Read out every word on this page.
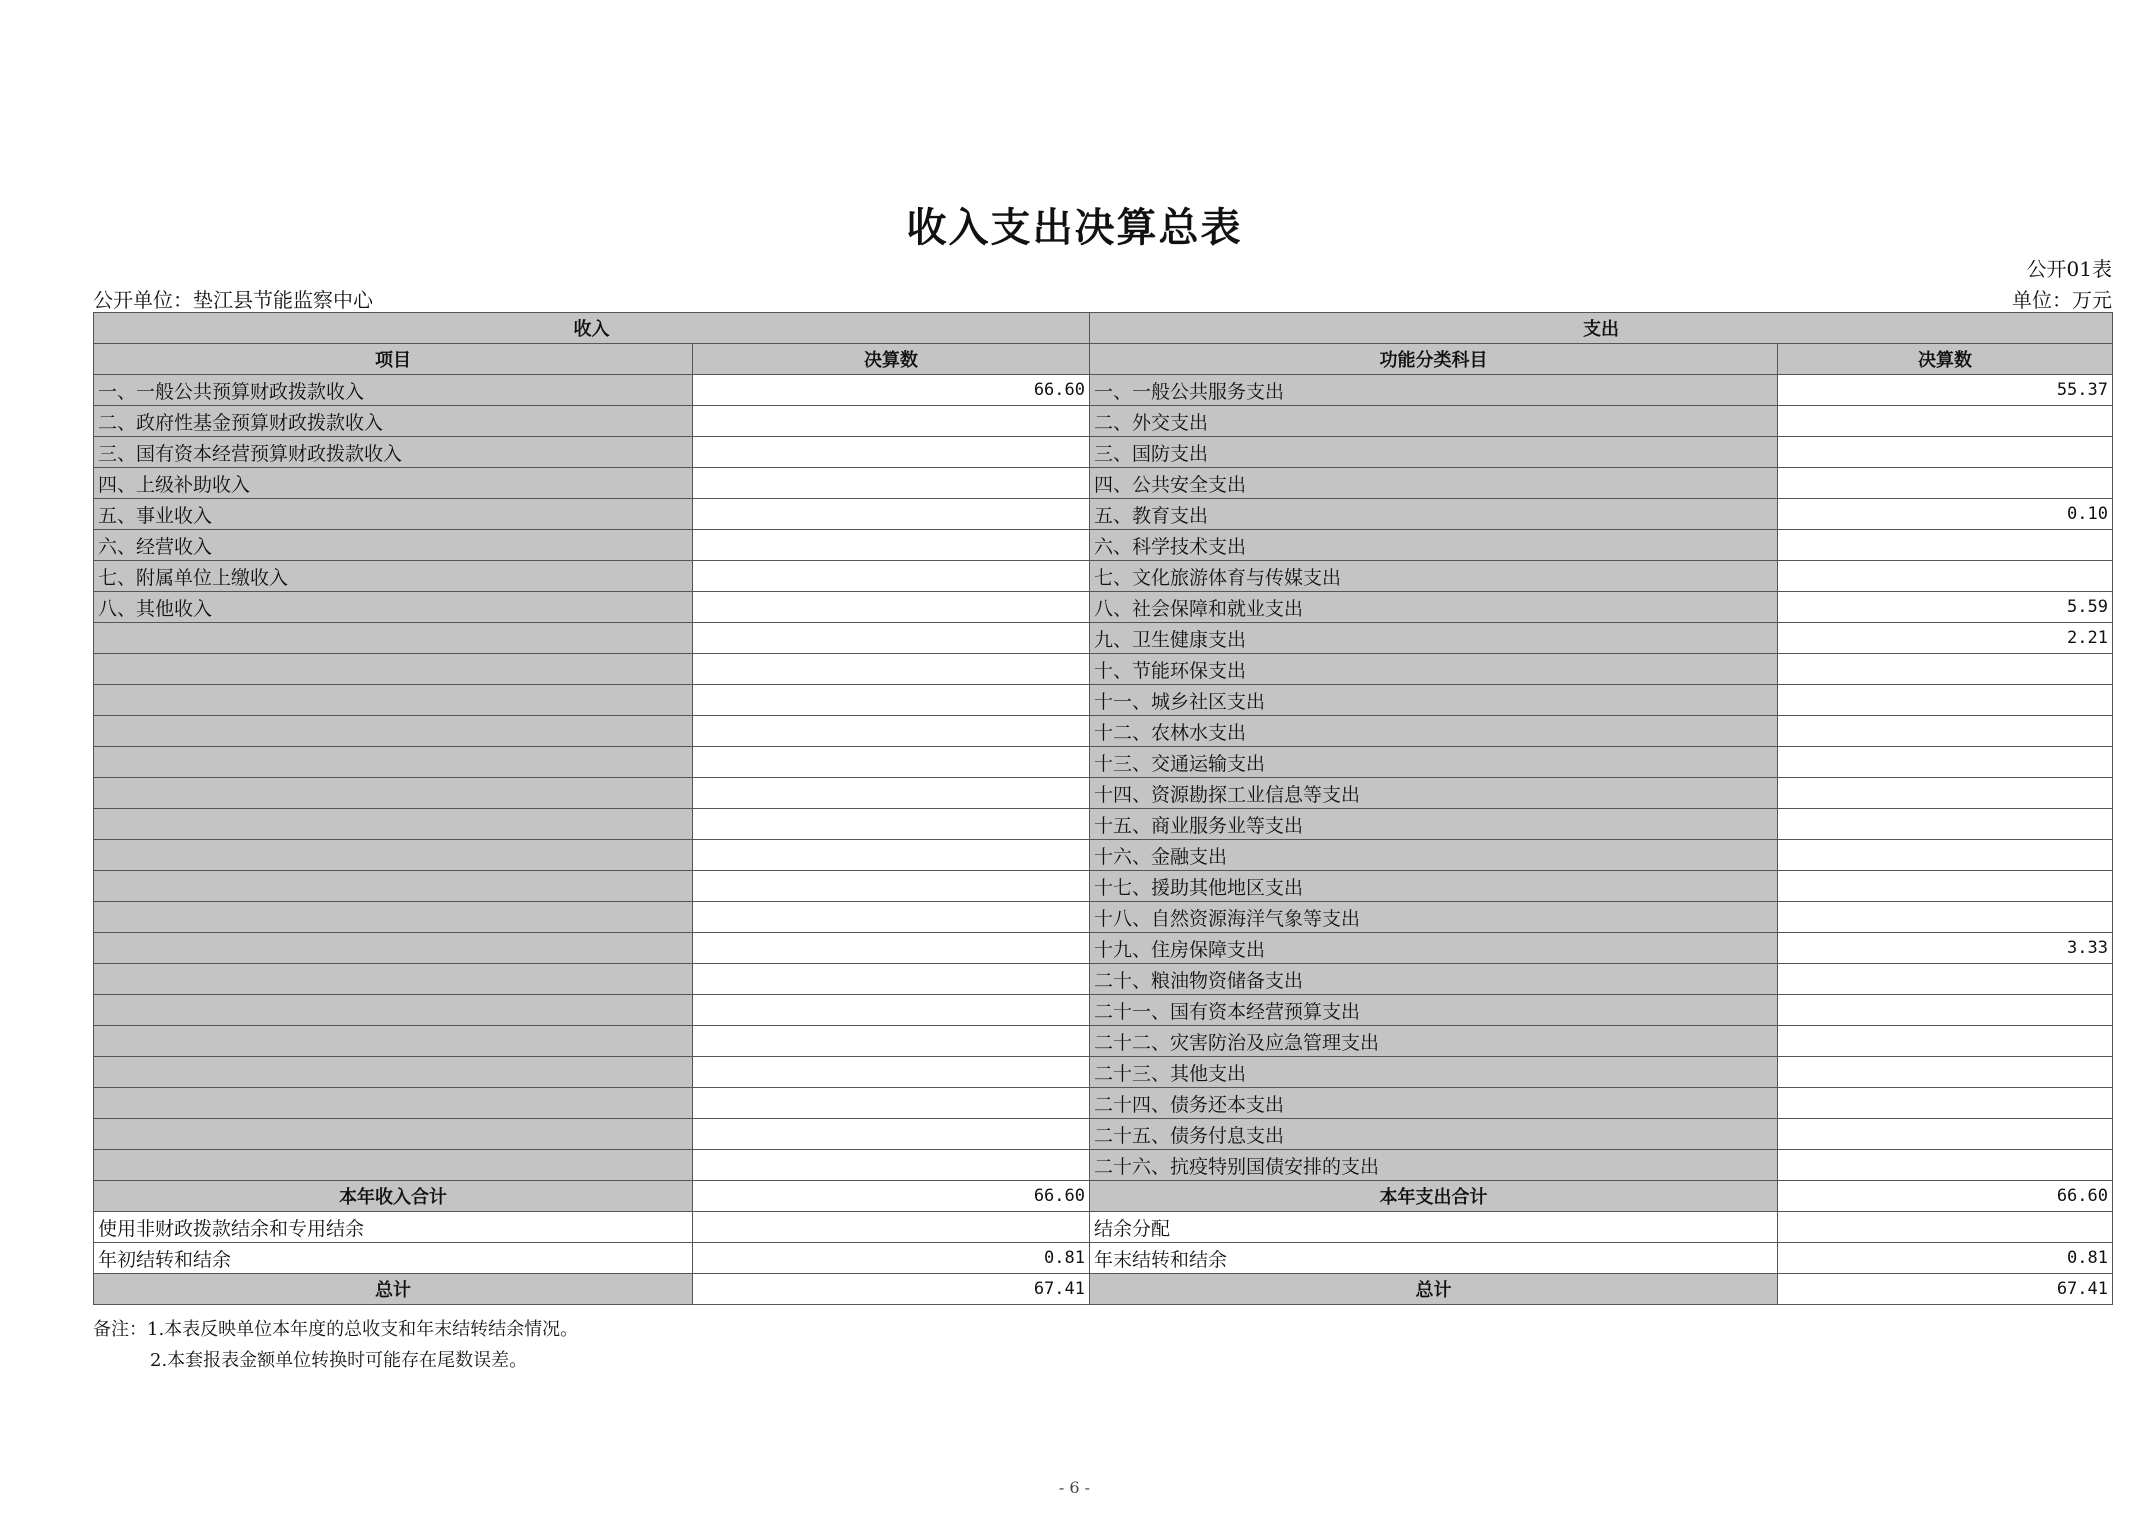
收入支出决算总表
公开01表
公开单位：垫江县节能监察中心	单位：万元
收入		支出	
项目	决算数	功能分类科目	决算数
一、一般公共预算财政拨款收入	66.60	一、一般公共服务支出	55.37
二、政府性基金预算财政拨款收入		二、外交支出	
三、国有资本经营预算财政拨款收入		三、国防支出	
四、上级补助收入		四、公共安全支出	
五、事业收入		五、教育支出	0.10
六、经营收入		六、科学技术支出	
七、附属单位上缴收入		七、文化旅游体育与传媒支出	
八、其他收入		八、社会保障和就业支出	5.59
		九、卫生健康支出	2.21
		十、节能环保支出	
		十一、城乡社区支出	
		十二、农林水支出	
		十三、交通运输支出	
		十四、资源勘探工业信息等支出	
		十五、商业服务业等支出	
		十六、金融支出	
		十七、援助其他地区支出	
		十八、自然资源海洋气象等支出	
		十九、住房保障支出	3.33
		二十、粮油物资储备支出	
		二十一、国有资本经营预算支出	
		二十二、灾害防治及应急管理支出	
		二十三、其他支出	
		二十四、债务还本支出	
		二十五、债务付息支出	
		二十六、抗疫特别国债安排的支出	
本年收入合计	66.60	本年支出合计	66.60
使用非财政拨款结余和专用结余		结余分配	
年初结转和结余	0.81	年末结转和结余	0.81
总计	67.41	总计	67.41
备注：1.本表反映单位本年度的总收支和年末结转结余情况。
2.本套报表金额单位转换时可能存在尾数误差。
- 6 -
